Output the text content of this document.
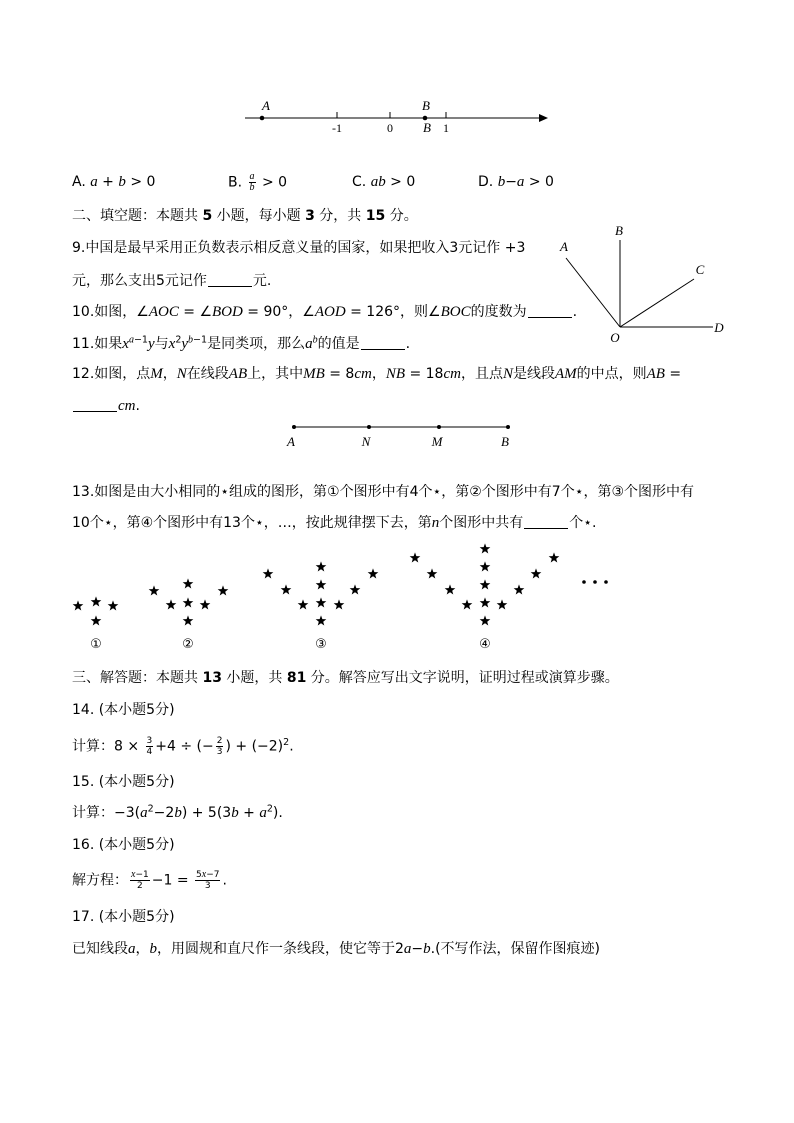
A	B
-1	0 B 1
A. a + b > 0	B. $\frac{a}{b} > 0$	C. ab > 0	D. b−a > 0
二、填空题：本题共 5 小题，每小题 3 分，共 15 分。
9.中国是最早采用正负数表示相反意义量的国家，如果把收入3元记作 +3
元，那么支出5元记作	元.
A
B
C
D
O
10.如图，∠AOC = ∠BOD = 90°，∠AOD = 126°，则∠BOC的度数为	.
11.如果$x^{a-1}y$与$x^2y^{b-1}$是同类项，那么$a^b$的值是	.
12.如图，点M，N在线段AB上，其中MB = 8cm，NB = 18cm，且点N是线段AM的中点，则AB =
cm.
A	N	M	B
13.如图是由大小相同的⋆组成的图形，第①个图形中有4个⋆，第②个图形中有7个⋆，第③个图形中有
10个⋆，第④个图形中有13个⋆，…，按此规律摆下去，第n个图形中共有	个⋆.
①	②	③	④
三、解答题：本题共 13 小题，共 81 分。解答应写出文字说明，证明过程或演算步骤。
14. (本小题5分)
计算：$8 \times \frac{3}{4} +4$ ÷ (− $\frac{2}{3}$ ) + $(-2)^2$.
15. (本小题5分)
计算：$-3(a^2-2b) + 5(3b + a^2)$.
16. (本小题5分)
解方程： $\frac{x-1}{2} -1 = \frac{5x-7}{3}$ .
17. (本小题5分)
已知线段a，b，用圆规和直尺作一条线段，使它等于2a−b.(不写作法，保留作图痕迹)
